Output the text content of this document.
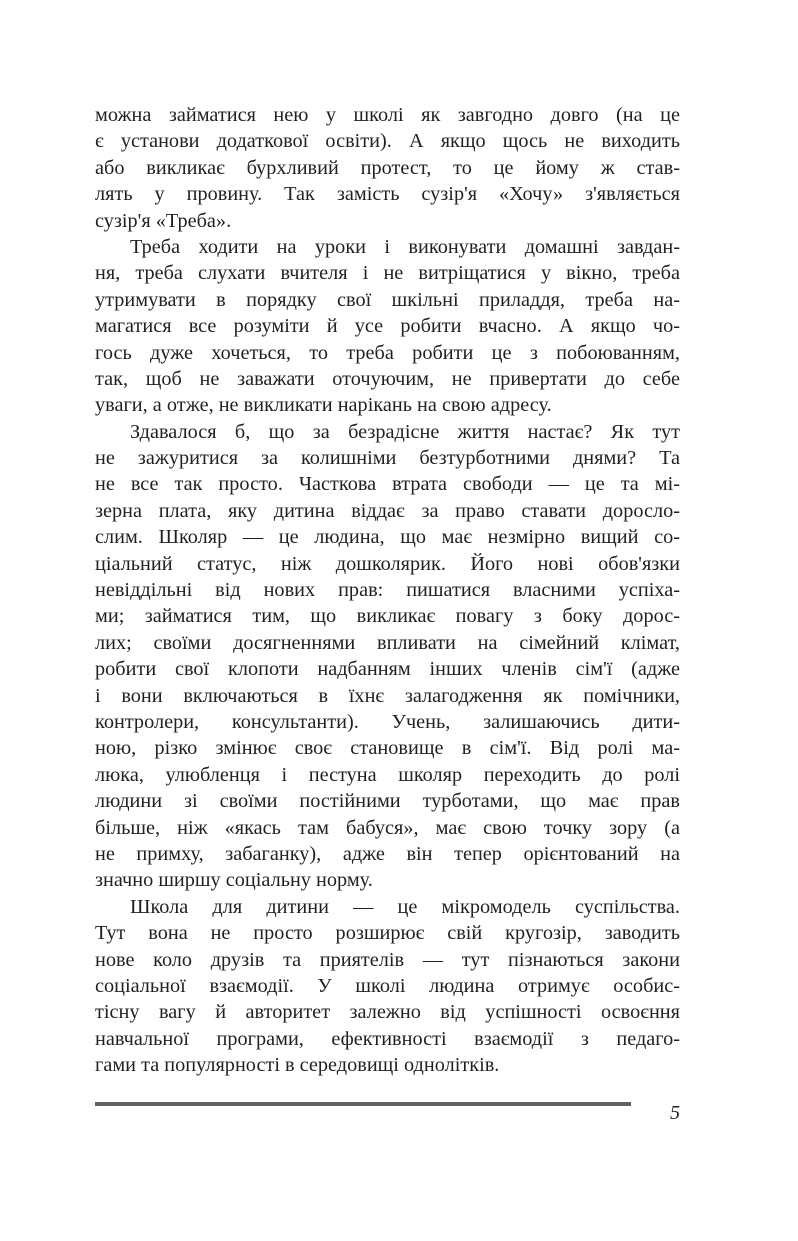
можна займатися нею у школі як завгодно довго (на це
є установи додаткової освіти). А якщо щось не виходить
або викликає бурхливий протест, то це йому ж став-
лять у провину. Так замість сузір'я «Хочу» з'являється
сузір'я «Треба».
Треба ходити на уроки і виконувати домашні завдан-
ня, треба слухати вчителя і не витріщатися у вікно, треба
утримувати в порядку свої шкільні приладдя, треба на-
магатися все розуміти й усе робити вчасно. А якщо чо-
гось дуже хочеться, то треба робити це з побоюванням,
так, щоб не заважати оточуючим, не привертати до себе
уваги, а отже, не викликати нарікань на свою адресу.
Здавалося б, що за безрадісне життя настає? Як тут
не зажуритися за колишніми безтурботними днями? Та
не все так просто. Часткова втрата свободи — це та мі-
зерна плата, яку дитина віддає за право ставати доросло-
слим. Школяр — це людина, що має незмірно вищий со-
ціальний статус, ніж дошколярик. Його нові обов'язки
невіддільні від нових прав: пишатися власними успіха-
ми; займатися тим, що викликає повагу з боку дорос-
лих; своїми досягненнями впливати на сімейний клімат,
робити свої клопоти надбанням інших членів сім'ї (адже
і вони включаються в їхнє залагодження як помічники,
контролери, консультанти). Учень, залишаючись дити-
ною, різко змінює своє становище в сім'ї. Від ролі ма-
люка, улюбленця і пестуна школяр переходить до ролі
людини зі своїми постійними турботами, що має прав
більше, ніж «якась там бабуся», має свою точку зору (а
не примху, забаганку), адже він тепер орієнтований на
значно ширшу соціальну норму.
Школа для дитини — це мікромодель суспільства.
Тут вона не просто розширює свій кругозір, заводить
нове коло друзів та приятелів — тут пізнаються закони
соціальної взаємодії. У школі людина отримує особис-
тісну вагу й авторитет залежно від успішності освоєння
навчальної програми, ефективності взаємодії з педаго-
гами та популярності в середовищі однолітків.
5
